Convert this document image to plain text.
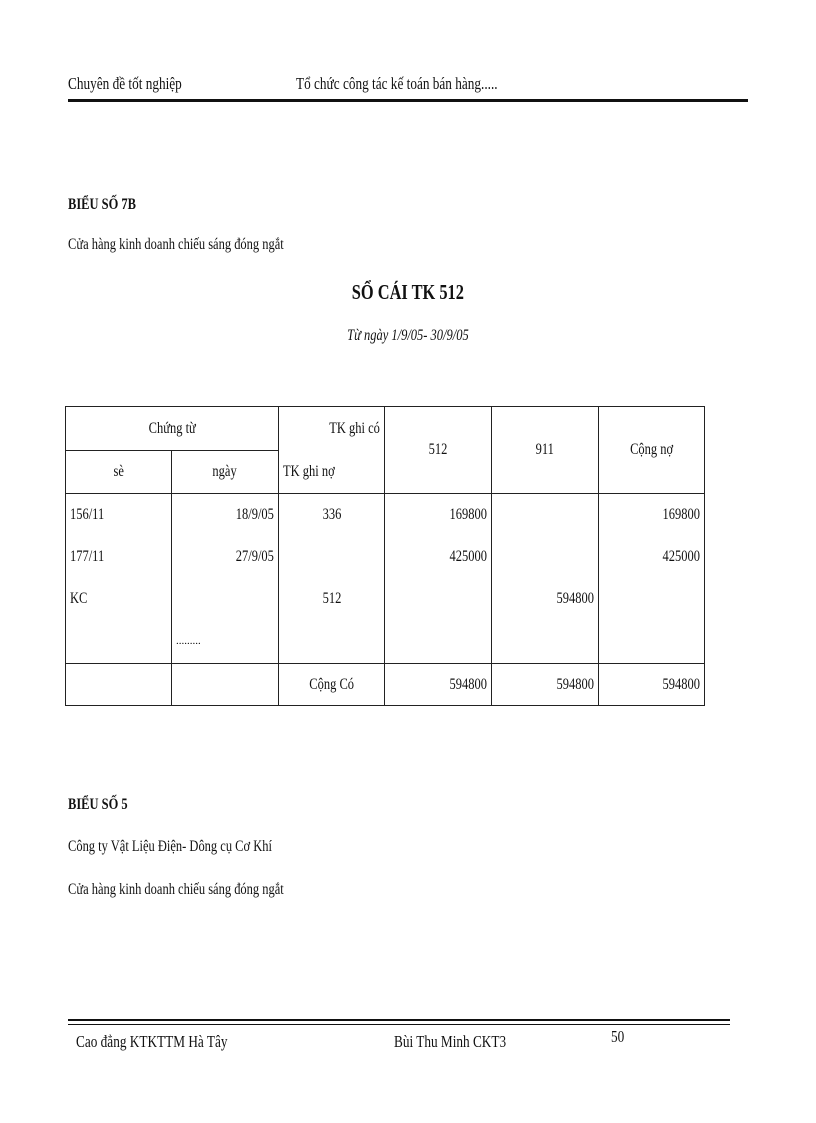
Chuyên đề tốt nghiệp	Tổ chức công tác kế toán bán hàng.....
BIỂU SỐ 7B
Cửa hàng kinh doanh chiếu sáng đóng ngắt
SỔ CÁI TK 512
Từ ngày 1/9/05- 30/9/05
Chứng từ		TK ghi có	512	911	Cộng nợ
sè	ngày	TK ghi nợ			
156/11	18/9/05	336	169800		169800
177/11	27/9/05		425000		425000
KC		512		594800	
	.........				
		Cộng Có	594800	594800	594800
BIỂU SỐ 5
Công ty Vật Liệu Điện- Dông cụ Cơ Khí
Cửa hàng kinh doanh chiếu sáng đóng ngắt
Cao đẳng KTKTTM Hà Tây	Bùi Thu Minh CKT3	50
